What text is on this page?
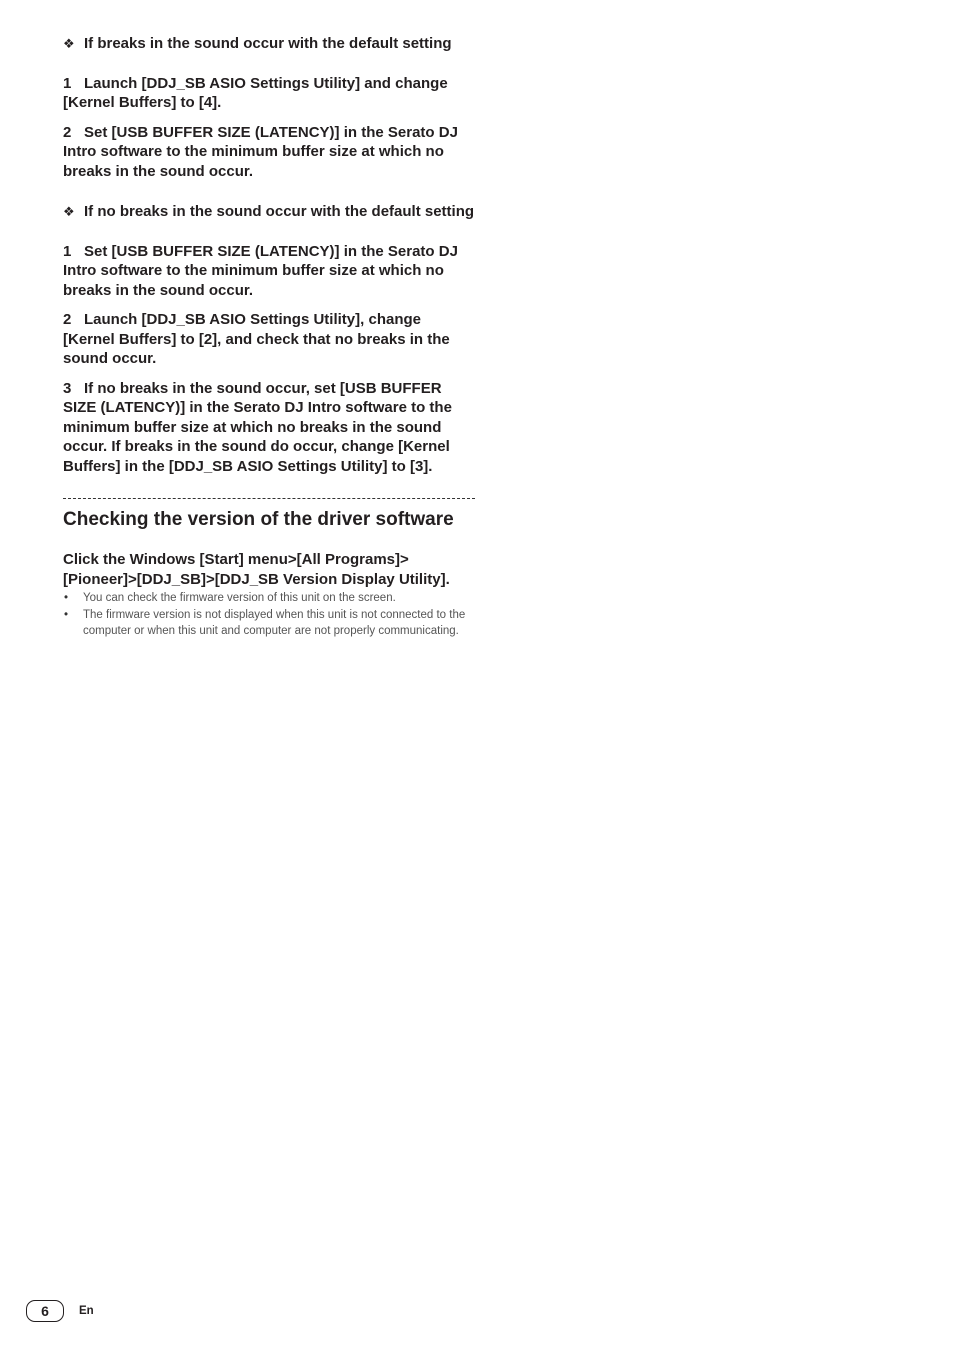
❖ If breaks in the sound occur with the default setting

1 Launch [DDJ_SB ASIO Settings Utility] and change [Kernel Buffers] to [4].

2 Set [USB BUFFER SIZE (LATENCY)] in the Serato DJ Intro software to the minimum buffer size at which no breaks in the sound occur.

❖ If no breaks in the sound occur with the default setting

1 Set [USB BUFFER SIZE (LATENCY)] in the Serato DJ Intro software to the minimum buffer size at which no breaks in the sound occur.

2 Launch [DDJ_SB ASIO Settings Utility], change [Kernel Buffers] to [2], and check that no breaks in the sound occur.

3 If no breaks in the sound occur, set [USB BUFFER SIZE (LATENCY)] in the Serato DJ Intro software to the minimum buffer size at which no breaks in the sound occur. If breaks in the sound do occur, change [Kernel Buffers] in the [DDJ_SB ASIO Settings Utility] to [3].

Checking the version of the driver software

Click the Windows [Start] menu>[All Programs]>[Pioneer]>[DDJ_SB]>[DDJ_SB Version Display Utility].

• You can check the firmware version of this unit on the screen.
• The firmware version is not displayed when this unit is not connected to the computer or when this unit and computer are not properly communicating.
6	En
